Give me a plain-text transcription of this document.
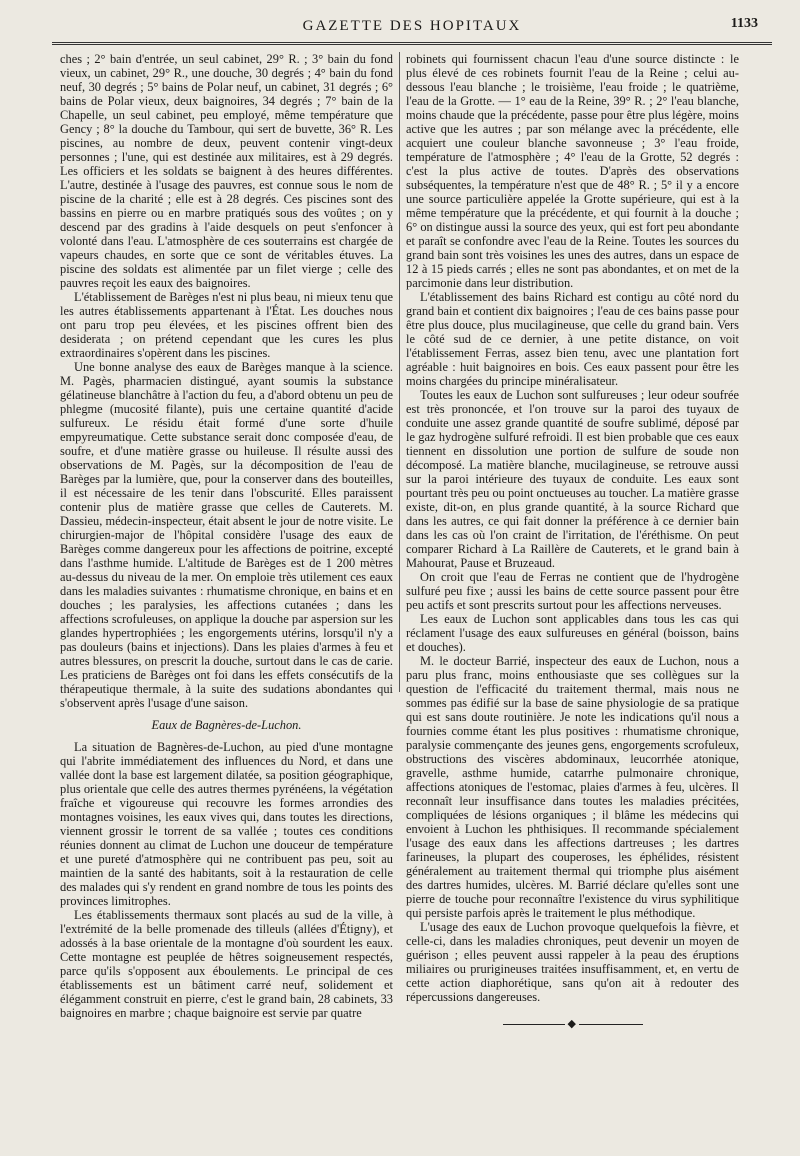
GAZETTE DES HOPITAUX	1133

ches ; 2° bain d'entrée, un seul cabinet, 29° R. ; 3° bain du fond vieux, un cabinet, 29° R., une douche, 30 degrés ; 4° bain du fond neuf, 30 degrés ; 5° bains de Polar neuf, un cabinet, 31 degrés ; 6° bains de Polar vieux, deux baignoires, 34 degrés ; 7° bain de la Chapelle, un seul cabinet, peu employé, même température que Gency ; 8° la douche du Tambour, qui sert de buvette, 36° R. Les piscines, au nombre de deux, peuvent contenir vingt-deux personnes ; l'une, qui est destinée aux militaires, est à 29 degrés. Les officiers et les soldats se baignent à des heures différentes. L'autre, destinée à l'usage des pauvres, est connue sous le nom de piscine de la charité ; elle est à 28 degrés. Ces piscines sont des bassins en pierre ou en marbre pratiqués sous des voûtes ; on y descend par des gradins à l'aide desquels on peut s'enfoncer à volonté dans l'eau. L'atmosphère de ces souterrains est chargée de vapeurs chaudes, en sorte que ce sont de véritables étuves. La piscine des soldats est alimentée par un filet vierge ; celle des pauvres reçoit les eaux des baignoires.

L'établissement de Barèges n'est ni plus beau, ni mieux tenu que les autres établissements appartenant à l'État. Les douches nous ont paru trop peu élevées, et les piscines offrent bien des desiderata ; on prétend cependant que les cures les plus extraordinaires s'opèrent dans les piscines.

Une bonne analyse des eaux de Barèges manque à la science. M. Pagès, pharmacien distingué, ayant soumis la substance gélatineuse blanchâtre à l'action du feu, a d'abord obtenu un peu de phlegme (mucosité filante), puis une certaine quantité d'acide sulfureux. Le résidu était formé d'une sorte d'huile empyreumatique. Cette substance serait donc composée d'eau, de soufre, et d'une matière grasse ou huileuse. Il résulte aussi des observations de M. Pagès, sur la décomposition de l'eau de Barèges par la lumière, que, pour la conserver dans des bouteilles, il est nécessaire de les tenir dans l'obscurité. Elles paraissent contenir plus de matière grasse que celles de Cauterets. M. Dassieu, médecin-inspecteur, était absent le jour de notre visite. Le chirurgien-major de l'hôpital considère l'usage des eaux de Barèges comme dangereux pour les affections de poitrine, excepté dans l'asthme humide. L'altitude de Barèges est de 1 200 mètres au-dessus du niveau de la mer. On emploie très utilement ces eaux dans les maladies suivantes : rhumatisme chronique, en bains et en douches ; les paralysies, les affections cutanées ; dans les affections scrofuleuses, on applique la douche par aspersion sur les glandes hypertrophiées ; les engorgements utérins, lorsqu'il n'y a pas douleurs (bains et injections). Dans les plaies d'armes à feu et autres blessures, on prescrit la douche, surtout dans le cas de carie. Les praticiens de Barèges ont foi dans les effets consécutifs de la thérapeutique thermale, à la suite des sudations abondantes qui s'observent après l'usage d'une saison.

Eaux de Bagnères-de-Luchon.

La situation de Bagnères-de-Luchon, au pied d'une montagne qui l'abrite immédiatement des influences du Nord, et dans une vallée dont la base est largement dilatée, sa position géographique, plus orientale que celle des autres thermes pyrénéens, la végétation fraîche et vigoureuse qui recouvre les formes arrondies des montagnes voisines, les eaux vives qui, dans toutes les directions, viennent grossir le torrent de sa vallée ; toutes ces conditions réunies donnent au climat de Luchon une douceur de température et une pureté d'atmosphère qui ne contribuent pas peu, soit au maintien de la santé des habitants, soit à la restauration de celle des malades qui s'y rendent en grand nombre de tous les points des provinces limitrophes.

Les établissements thermaux sont placés au sud de la ville, à l'extrémité de la belle promenade des tilleuls (allées d'Étigny), et adossés à la base orientale de la montagne d'où sourdent les eaux. Cette montagne est peuplée de hêtres soigneusement respectés, parce qu'ils s'opposent aux éboulements. Le principal de ces établissements est un bâtiment carré neuf, solidement et élégamment construit en pierre, c'est le grand bain, 28 cabinets, 33 baignoires en marbre ; chaque baignoire est servie par quatre

robinets qui fournissent chacun l'eau d'une source distincte : le plus élevé de ces robinets fournit l'eau de la Reine ; celui au-dessous l'eau blanche ; le troisième, l'eau froide ; le quatrième, l'eau de la Grotte. — 1° eau de la Reine, 39° R. ; 2° l'eau blanche, moins chaude que la précédente, passe pour être plus légère, moins active que les autres ; par son mélange avec la précédente, elle acquiert une couleur blanche savonneuse ; 3° l'eau froide, température de l'atmosphère ; 4° l'eau de la Grotte, 52 degrés : c'est la plus active de toutes. D'après des observations subséquentes, la température n'est que de 48° R. ; 5° il y a encore une source particulière appelée la Grotte supérieure, qui est à la même température que la précédente, et qui fournit à la douche ; 6° on distingue aussi la source des yeux, qui est fort peu abondante et paraît se confondre avec l'eau de la Reine. Toutes les sources du grand bain sont très voisines les unes des autres, dans un espace de 12 à 15 pieds carrés ; elles ne sont pas abondantes, et on met de la parcimonie dans leur distribution.

L'établissement des bains Richard est contigu au côté nord du grand bain et contient dix baignoires ; l'eau de ces bains passe pour être plus douce, plus mucilagineuse, que celle du grand bain. Vers le côté sud de ce dernier, à une petite distance, on voit l'établissement Ferras, assez bien tenu, avec une plantation fort agréable : huit baignoires en bois. Ces eaux passent pour être les moins chargées du principe minéralisateur.

Toutes les eaux de Luchon sont sulfureuses ; leur odeur soufrée est très prononcée, et l'on trouve sur la paroi des tuyaux de conduite une assez grande quantité de soufre sublimé, déposé par le gaz hydrogène sulfuré refroidi. Il est bien probable que ces eaux tiennent en dissolution une portion de sulfure de soude non décomposé. La matière blanche, mucilagineuse, se retrouve aussi sur la paroi intérieure des tuyaux de conduite. Les eaux sont pourtant très peu ou point onctueuses au toucher. La matière grasse existe, dit-on, en plus grande quantité, à la source Richard que dans les autres, ce qui fait donner la préférence à ce dernier bain dans les cas où l'on craint de l'irritation, de l'éréthisme. On peut comparer Richard à La Raillère de Cauterets, et le grand bain à Mahourat, Pause et Bruzeaud.

On croit que l'eau de Ferras ne contient que de l'hydrogène sulfuré peu fixe ; aussi les bains de cette source passent pour être peu actifs et sont prescrits surtout pour les affections nerveuses.

Les eaux de Luchon sont applicables dans tous les cas qui réclament l'usage des eaux sulfureuses en général (boisson, bains et douches).

M. le docteur Barrié, inspecteur des eaux de Luchon, nous a paru plus franc, moins enthousiaste que ses collègues sur la question de l'efficacité du traitement thermal, mais nous ne sommes pas édifié sur la base de saine physiologie de sa pratique qui est sans doute routinière. Je note les indications qu'il nous a fournies comme étant les plus positives : rhumatisme chronique, paralysie commençante des jeunes gens, engorgements scrofuleux, obstructions des viscères abdominaux, leucorrhée atonique, gravelle, asthme humide, catarrhe pulmonaire chronique, affections atoniques de l'estomac, plaies d'armes à feu, ulcères. Il reconnaît leur insuffisance dans toutes les maladies précitées, compliquées de lésions organiques ; il blâme les médecins qui envoient à Luchon les phthisiques. Il recommande spécialement l'usage des eaux dans les affections dartreuses ; les dartres farineuses, la plupart des couperoses, les éphélides, résistent généralement au traitement thermal qui triomphe plus aisément des dartres humides, ulcères. M. Barrié déclare qu'elles sont une pierre de touche pour reconnaître l'existence du virus syphilitique qui persiste parfois après le traitement le plus méthodique.

L'usage des eaux de Luchon provoque quelquefois la fièvre, et celle-ci, dans les maladies chroniques, peut devenir un moyen de guérison ; elles peuvent aussi rappeler à la peau des éruptions miliaires ou prurigineuses traitées insuffisamment, et, en vertu de cette action diaphorétique, sans qu'on ait à redouter des répercussions dangereuses.

◆
